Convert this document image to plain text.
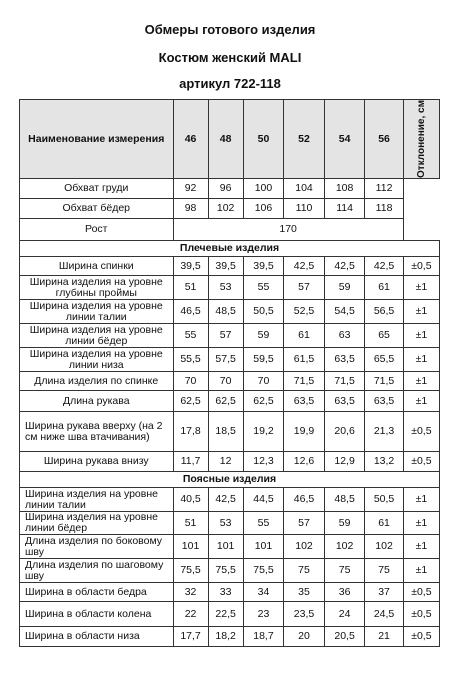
Обмеры готового изделия
Костюм женский MALI
артикул 722-118
Наименование измерения	46	48	50	52	54	56	Отклонение, см

Обхват груди	92	96	100	104	108	112	
Обхват бёдер	98	102	106	110	114	118	
Рост	170						
Плечевые изделия							
Ширина спинки	39,5	39,5	39,5	42,5	42,5	42,5	±0,5
Ширина изделия на уровне глубины проймы	51	53	55	57	59	61	±1
Ширина изделия на уровне линии талии	46,5	48,5	50,5	52,5	54,5	56,5	±1
Ширина изделия на уровне линии бёдер	55	57	59	61	63	65	±1
Ширина изделия на уровне линии низа	55,5	57,5	59,5	61,5	63,5	65,5	±1
Длина изделия по спинке	70	70	70	71,5	71,5	71,5	±1
Длина рукава	62,5	62,5	62,5	63,5	63,5	63,5	±1
Ширина рукава вверху (на 2 см ниже шва втачивания)	17,8	18,5	19,2	19,9	20,6	21,3	±0,5
Ширина рукава внизу	11,7	12	12,3	12,6	12,9	13,2	±0,5
Поясные изделия							
Ширина изделия на уровне линии талии	40,5	42,5	44,5	46,5	48,5	50,5	±1
Ширина изделия на уровне линии бёдер	51	53	55	57	59	61	±1
Длина изделия по боковому шву	101	101	101	102	102	102	±1
Длина изделия по шаговому шву	75,5	75,5	75,5	75	75	75	±1
Ширина в области бедра	32	33	34	35	36	37	±0,5
Ширина в области колена	22	22,5	23	23,5	24	24,5	±0,5
Ширина в области низа	17,7	18,2	18,7	20	20,5	21	±0,5
